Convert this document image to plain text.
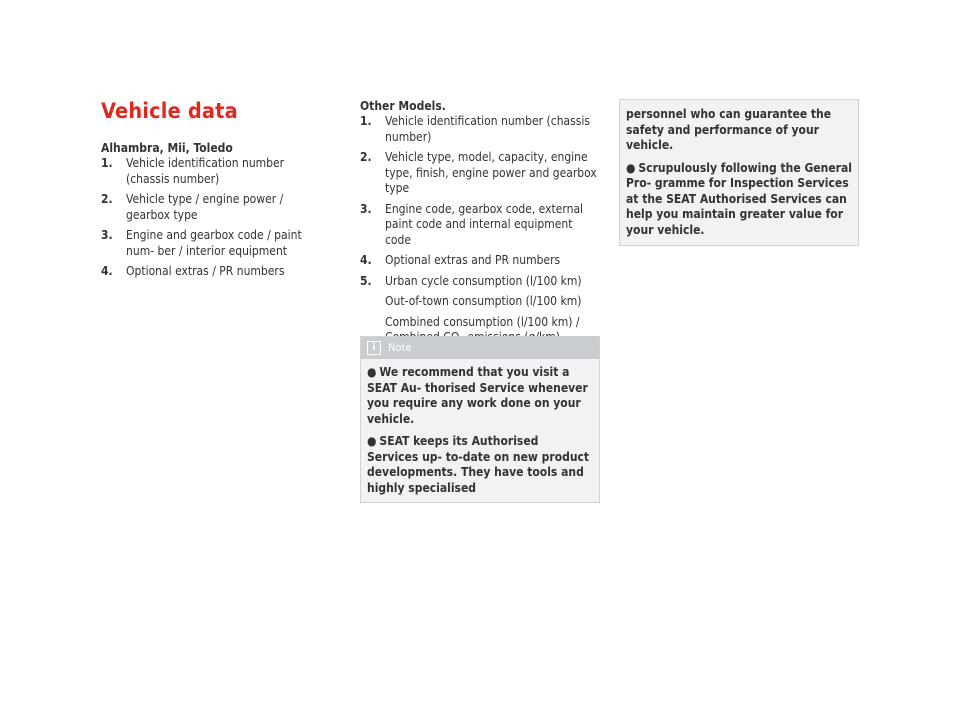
Vehicle data
Alhambra, Mii, Toledo
1. Vehicle identification number (chassis number)
2. Vehicle type / engine power / gearbox type
3. Engine and gearbox code / paint num- ber / interior equipment
4. Optional extras / PR numbers
Other Models.
1. Vehicle identification number (chassis number)
2. Vehicle type, model, capacity, engine type, finish, engine power and gearbox type
3. Engine code, gearbox code, external paint code and internal equipment code
4. Optional extras and PR numbers
5. Urban cycle consumption (l/100 km)
Out-of-town consumption (l/100 km)
Combined consumption (l/100 km) /

i	Note

● We recommend that you visit a SEAT Au- thorised Service whenever you require any work done on your vehicle.

● SEAT keeps its Authorised Services up- to-date on new product developments. They have tools and highly specialised

personnel who can guarantee the safety and performance of your vehicle.

● Scrupulously following the General Pro- gramme for Inspection Services at the SEAT Authorised Services can help you maintain greater value for your vehicle.
